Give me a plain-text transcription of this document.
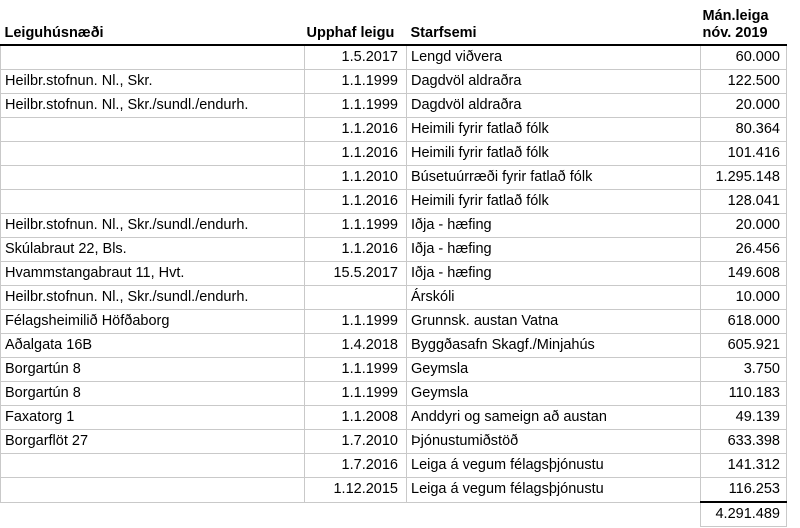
Leiguhúsnæði	Upphaf leigu	Starfsemi	Mán.leiga
nóv. 2019
	1.5.2017	Lengd viðvera	60.000
Heilbr.stofnun. Nl., Skr.	1.1.1999	Dagdvöl aldraðra	122.500
Heilbr.stofnun. Nl., Skr./sundl./endurh.	1.1.1999	Dagdvöl aldraðra	20.000
	1.1.2016	Heimili fyrir fatlað fólk	80.364
	1.1.2016	Heimili fyrir fatlað fólk	101.416
	1.1.2010	Búsetuúrræði fyrir fatlað fólk	1.295.148
	1.1.2016	Heimili fyrir fatlað fólk	128.041
Heilbr.stofnun. Nl., Skr./sundl./endurh.	1.1.1999	Iðja - hæfing	20.000
Skúlabraut 22, Bls.	1.1.2016	Iðja - hæfing	26.456
Hvammstangabraut 11, Hvt.	15.5.2017	Iðja - hæfing	149.608
Heilbr.stofnun. Nl., Skr./sundl./endurh.		Árskóli	10.000
Félagsheimilið Höfðaborg	1.1.1999	Grunnsk. austan Vatna	618.000
Aðalgata 16B	1.4.2018	Byggðasafn Skagf./Minjahús	605.921
Borgartún 8	1.1.1999	Geymsla	3.750
Borgartún 8	1.1.1999	Geymsla	110.183
Faxatorg 1	1.1.2008	Anddyri og sameign að austan	49.139
Borgarflöt 27	1.7.2010	Þjónustumiðstöð	633.398
	1.7.2016	Leiga á vegum félagsþjónustu	141.312
	1.12.2015	Leiga á vegum félagsþjónustu	116.253
			4.291.489
